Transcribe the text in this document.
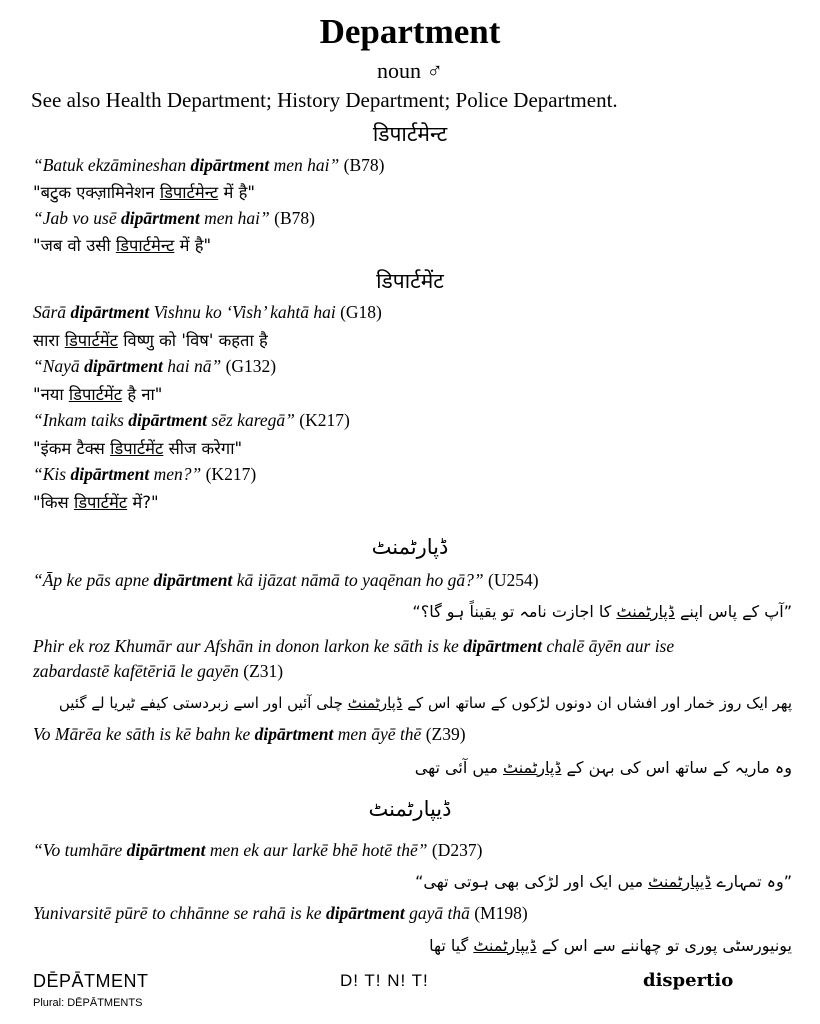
Department
noun ♂
See also Health Department; History Department; Police Department.
डिपार्टमेन्ट
“Batuk ekzāmineshan dipārtment men hai” (B78)
"बटुक एक्ज़ामिनेशन डिपार्टमेन्ट में है"
“Jab vo usē dipārtment men hai” (B78)
"जब वो उसी डिपार्टमेन्ट में है"
डिपार्टमेंट
Sārā dipārtment Vishnu ko ‘Vish’ kahtā hai (G18)
सारा डिपार्टमेंट विष्णु को 'विष' कहता है
“Nayā dipārtment hai nā” (G132)
"नया डिपार्टमेंट है ना"
“Inkam taiks dipārtment sēz karegā” (K217)
"इंकम टैक्स डिपार्टमेंट सीज करेगा"
“Kis dipārtment men?” (K217)
"किस डिपार्टमेंट में?"
ڈپارٹمنٹ
“Āp ke pās apne dipārtment kā ijāzat nāmā to yaqēnan ho gā?” (U254)
”آپ کے پاس اپنے ڈپارٹمنٹ کا اجازت نامہ تو یقیناً ہو گا؟“
Phir ek roz Khumār aur Afshān in donon larkon ke sāth is ke dipārtment chalē āyēn aur ise
zabardastē kafētēriā le gayēn (Z31)
پھر ایک روز خمار اور افشاں ان دونوں لڑکوں کے ساتھ اس کے ڈپارٹمنٹ چلی آئیں اور اسے زبردستی کیفے ٹیریا لے گئیں
Vo Mārēa ke sāth is kē bahn ke dipārtment men āyē thē (Z39)
وہ ماریہ کے ساتھ اس کی بہن کے ڈپارٹمنٹ میں آئی تھی
ڈیپارٹمنٹ
“Vo tumhāre dipārtment men ek aur larkē bhē hotē thē” (D237)
”وہ تمہارے ڈیپارٹمنٹ میں ایک اور لڑکی بھی ہوتی تھی“
Yunivarsitē pūrē to chhānne se rahā is ke dipārtment gayā thā (M198)
یونیورسٹی پوری تو چھاننے سے اس کے ڈیپارٹمنٹ گیا تھا
DĒPĀTMENT
Plural: DĒPĀTMENTS
D! T! N! T!	dispertio
